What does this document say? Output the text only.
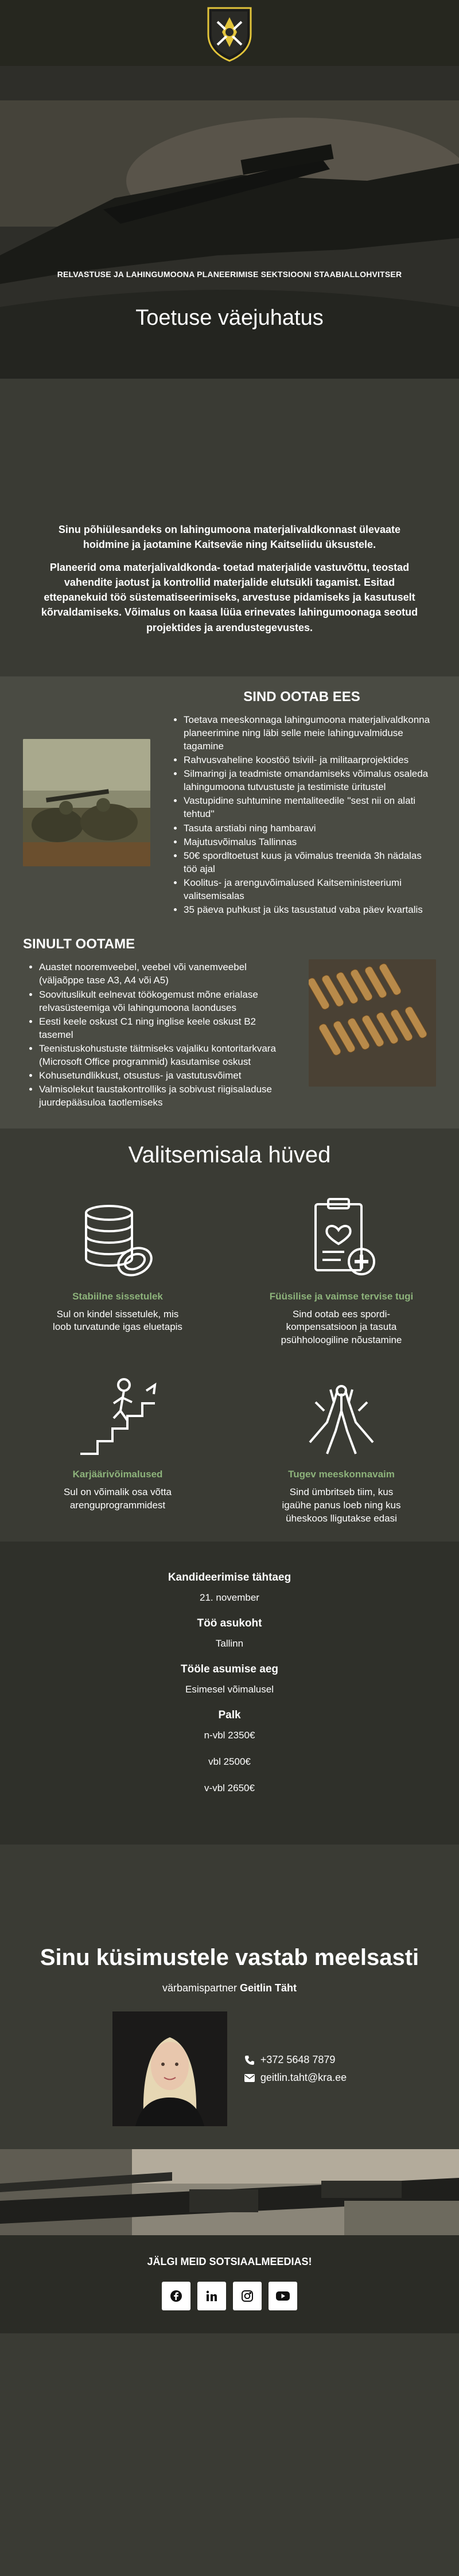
RELVASTUSE JA LAHINGUMOONA PLANEERIMISE SEKTSIOONI STAABIALLOHVITSER
Toetuse väejuhatus

Sinu põhiülesandeks on lahingumoona materjalivaldkonnast ülevaate hoidmine ja jaotamine Kaitseväe ning Kaitseliidu üksustele.

Planeerid oma materjalivaldkonda- toetad materjalide vastuvõttu, teostad vahendite jaotust ja kontrollid materjalide elutsükli tagamist. Esitad ettepanekuid töö süstematiseerimiseks, arvestuse pidamiseks ja kasutuselt kõrvaldamiseks. Võimalus on kaasa lüüa erinevates lahingumoonaga seotud projektides ja arendustegevustes.

SIND OOTAB EES
• Toetava meeskonnaga lahingumoona materjalivaldkonna planeerimine ning läbi selle meie lahinguvalmiduse tagamine
• Rahvusvaheline koostöö tsiviil- ja militaarprojektides
• Silmaringi ja teadmiste omandamiseks võimalus osaleda lahingumoona tutvustuste ja testimiste üritustel
• Vastupidine suhtumine mentaliteedile ''sest nii on alati tehtud''
• Tasuta arstiabi ning hambaravi
• Majutusvõimalus Tallinnas
• 50€ spordltoetust kuus ja võimalus treenida 3h nädalas töö ajal
• Koolitus- ja arenguvõimalused Kaitseministeeriumi valitsemisalas
• 35 päeva puhkust ja üks tasustatud vaba päev kvartalis
SINULT OOTAME
• Auastet nooremveebel, veebel või vanemveebel (väljaõppe tase A3, A4 või A5)
• Soovituslikult eelnevat töökogemust mõne erialase relvasüsteemiga või lahingumoona laonduses
• Eesti keele oskust C1 ning inglise keele oskust B2 tasemel
• Teenistuskohustuste täitmiseks vajaliku kontoritarkvara (Microsoft Office programmid) kasutamise oskust
• Kohusetundlikkust, otsustus- ja vastutusvõimet
• Valmisolekut taustakontrolliks ja sobivust riigisaladuse juurdepääsuloa taotlemiseks
Valitsemisala hüved
Stabiilne sissetulek
Sul on kindel sissetulek, mis loob turvatunde igas eluetapis
Füüsilise ja vaimse tervise tugi
Sind ootab ees spordi- kompensatsioon ja tasuta psühholoogiline nõustamine
Karjäärivõimalused
Sul on võimalik osa võtta arenguprogrammidest
Tugev meeskonnavaim
Sind ümbritseb tiim, kus igaühe panus loeb ning kus üheskoos lligutakse edasi
Kandideerimise tähtaeg
21. november
Töö asukoht
Tallinn
Tööle asumise aeg
Esimesel võimalusel
Palk
n-vbl 2350€
vbl 2500€
v-vbl 2650€
Sinu küsimustele vastab meelsasti
värbamispartner Geitlin Täht
+372 5648 7879
geitlin.taht@kra.ee
JÄLGI MEID SOTSIAALMEEDIAS!
